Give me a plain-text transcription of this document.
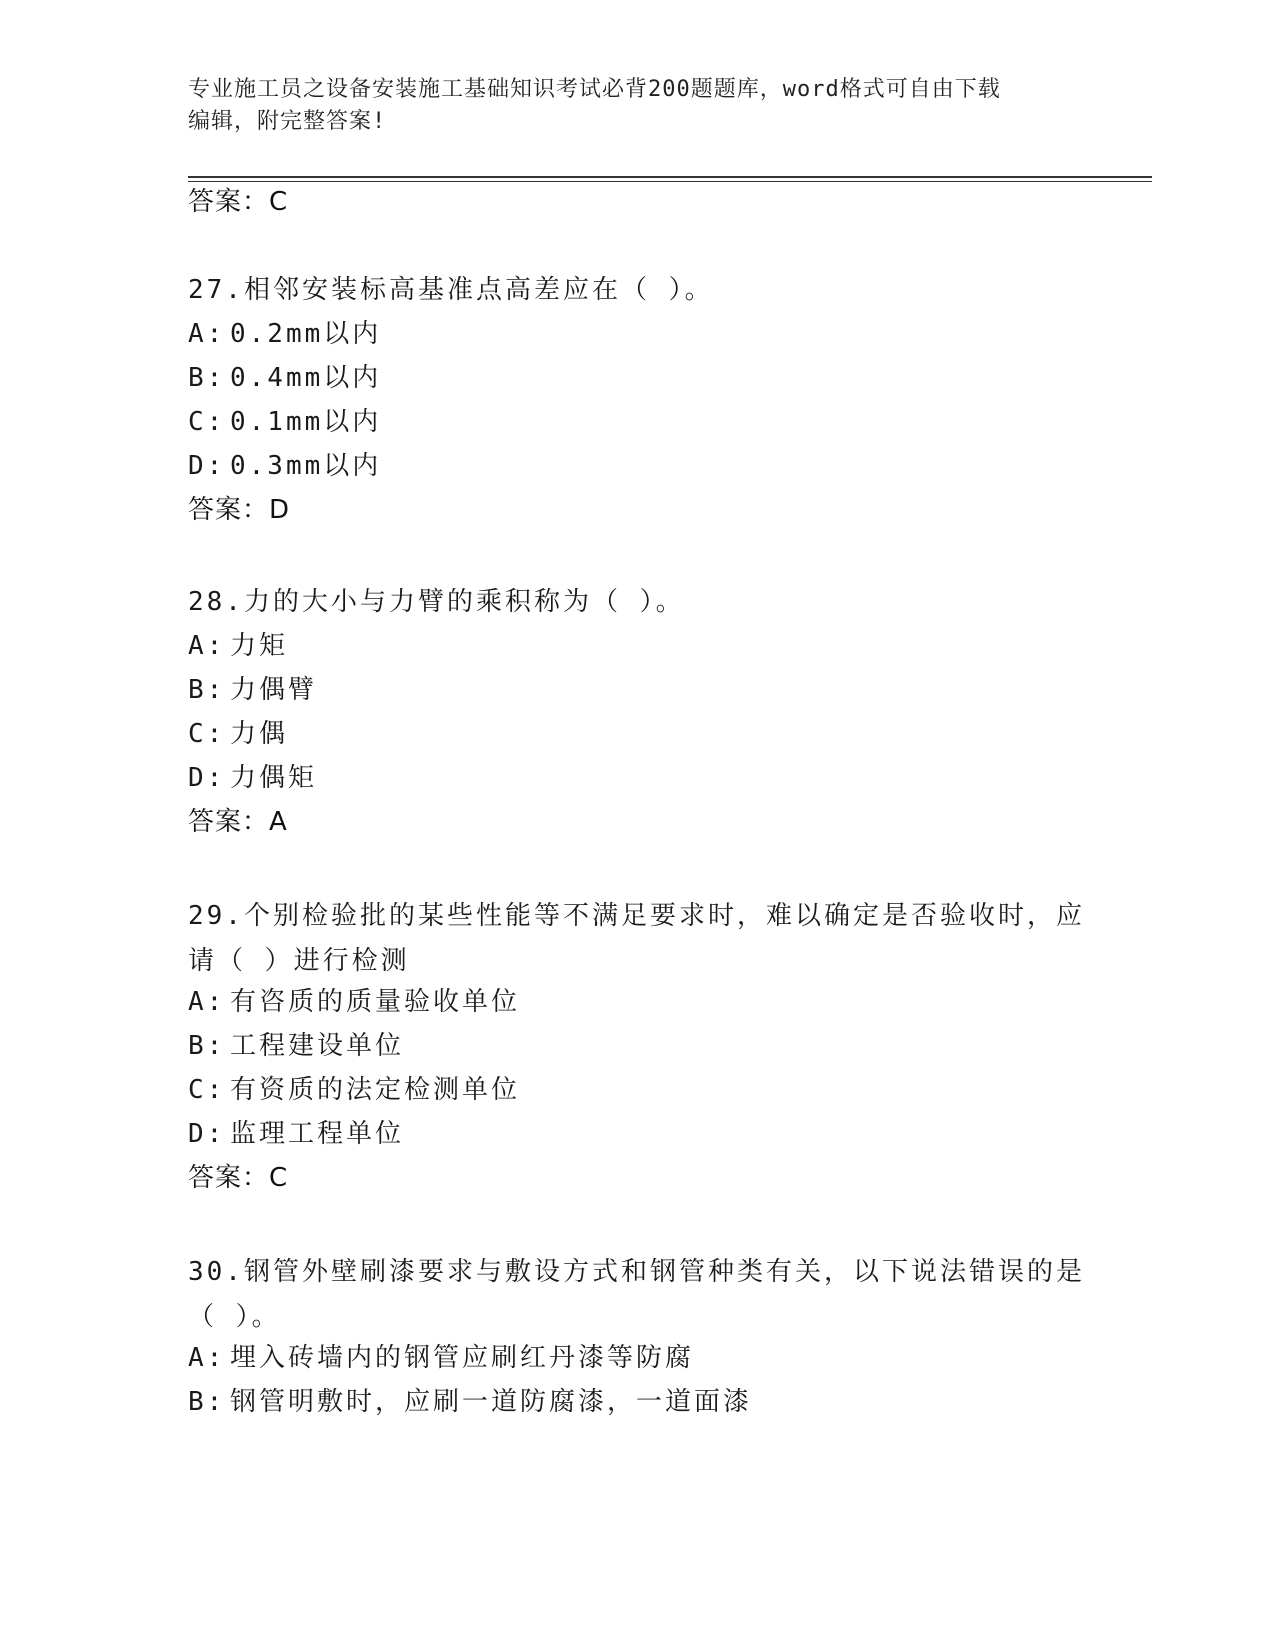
专业施工员之设备安装施工基础知识考试必背200题题库，word格式可自由下载
编辑，附完整答案!
答案：C
27.相邻安装标高基准点高差应在（ ）。
A: 0.2mm以内
B: 0.4mm以内
C: 0.1mm以内
D: 0.3mm以内
答案：D
28.力的大小与力臂的乘积称为（ ）。
A: 力矩
B: 力偶臂
C: 力偶
D: 力偶矩
答案：A
29.个别检验批的某些性能等不满足要求时，难以确定是否验收时，应
请（ ）进行检测
A: 有咨质的质量验收单位
B: 工程建设单位
C: 有资质的法定检测单位
D: 监理工程单位
答案：C
30.钢管外壁刷漆要求与敷设方式和钢管种类有关，以下说法错误的是
（ ）。
A: 埋入砖墙内的钢管应刷红丹漆等防腐
B: 钢管明敷时，应刷一道防腐漆，一道面漆
